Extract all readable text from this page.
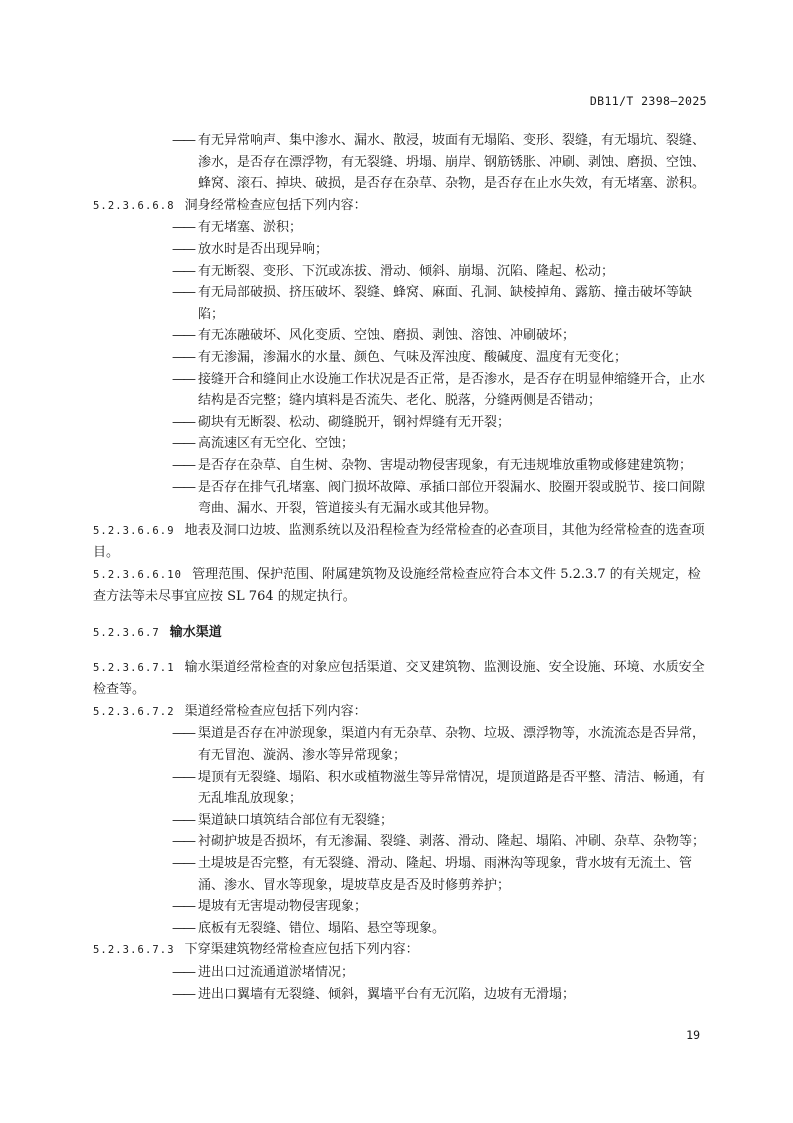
DB11/T 2398—2025

—— 有无异常响声、集中渗水、漏水、散浸，坡面有无塌陷、变形、裂缝，有无塌坑、裂缝、渗水，是否存在漂浮物，有无裂缝、坍塌、崩岸、钢筋锈胀、冲刷、剥蚀、磨损、空蚀、蜂窝、滚石、掉块、破损，是否存在杂草、杂物，是否存在止水失效，有无堵塞、淤积。

5.2.3.6.6.8 洞身经常检查应包括下列内容：

—— 有无堵塞、淤积；

—— 放水时是否出现异响；

—— 有无断裂、变形、下沉或冻拔、滑动、倾斜、崩塌、沉陷、隆起、松动；

—— 有无局部破损、挤压破坏、裂缝、蜂窝、麻面、孔洞、缺棱掉角、露筋、撞击破坏等缺陷；

—— 有无冻融破坏、风化变质、空蚀、磨损、剥蚀、溶蚀、冲刷破坏；

—— 有无渗漏，渗漏水的水量、颜色、气味及浑浊度、酸碱度、温度有无变化；

—— 接缝开合和缝间止水设施工作状况是否正常，是否渗水，是否存在明显伸缩缝开合，止水结构是否完整；缝内填料是否流失、老化、脱落，分缝两侧是否错动；

—— 砌块有无断裂、松动、砌缝脱开，钢衬焊缝有无开裂；

—— 高流速区有无空化、空蚀；

—— 是否存在杂草、自生树、杂物、害堤动物侵害现象，有无违规堆放重物或修建建筑物；

—— 是否存在排气孔堵塞、阀门损坏故障、承插口部位开裂漏水、胶圈开裂或脱节、接口间隙弯曲、漏水、开裂，管道接头有无漏水或其他异物。

5.2.3.6.6.9 地表及洞口边坡、监测系统以及沿程检查为经常检查的必查项目，其他为经常检查的选查项目。

5.2.3.6.6.10 管理范围、保护范围、附属建筑物及设施经常检查应符合本文件 5.2.3.7 的有关规定，检查方法等未尽事宜应按 SL 764 的规定执行。

5.2.3.6.7 输水渠道

5.2.3.6.7.1 输水渠道经常检查的对象应包括渠道、交叉建筑物、监测设施、安全设施、环境、水质安全检查等。

5.2.3.6.7.2 渠道经常检查应包括下列内容：

—— 渠道是否存在冲淤现象，渠道内有无杂草、杂物、垃圾、漂浮物等，水流流态是否异常，有无冒泡、漩涡、渗水等异常现象；

—— 堤顶有无裂缝、塌陷、积水或植物滋生等异常情况，堤顶道路是否平整、清洁、畅通，有无乱堆乱放现象；

—— 渠道缺口填筑结合部位有无裂缝；

—— 衬砌护坡是否损坏，有无渗漏、裂缝、剥落、滑动、隆起、塌陷、冲刷、杂草、杂物等；

—— 土堤坡是否完整，有无裂缝、滑动、隆起、坍塌、雨淋沟等现象，背水坡有无流土、管涌、渗水、冒水等现象，堤坡草皮是否及时修剪养护；

—— 堤坡有无害堤动物侵害现象；

—— 底板有无裂缝、错位、塌陷、悬空等现象。

5.2.3.6.7.3 下穿渠建筑物经常检查应包括下列内容：

—— 进出口过流通道淤堵情况；

—— 进出口翼墙有无裂缝、倾斜，翼墙平台有无沉陷，边坡有无滑塌；

19
